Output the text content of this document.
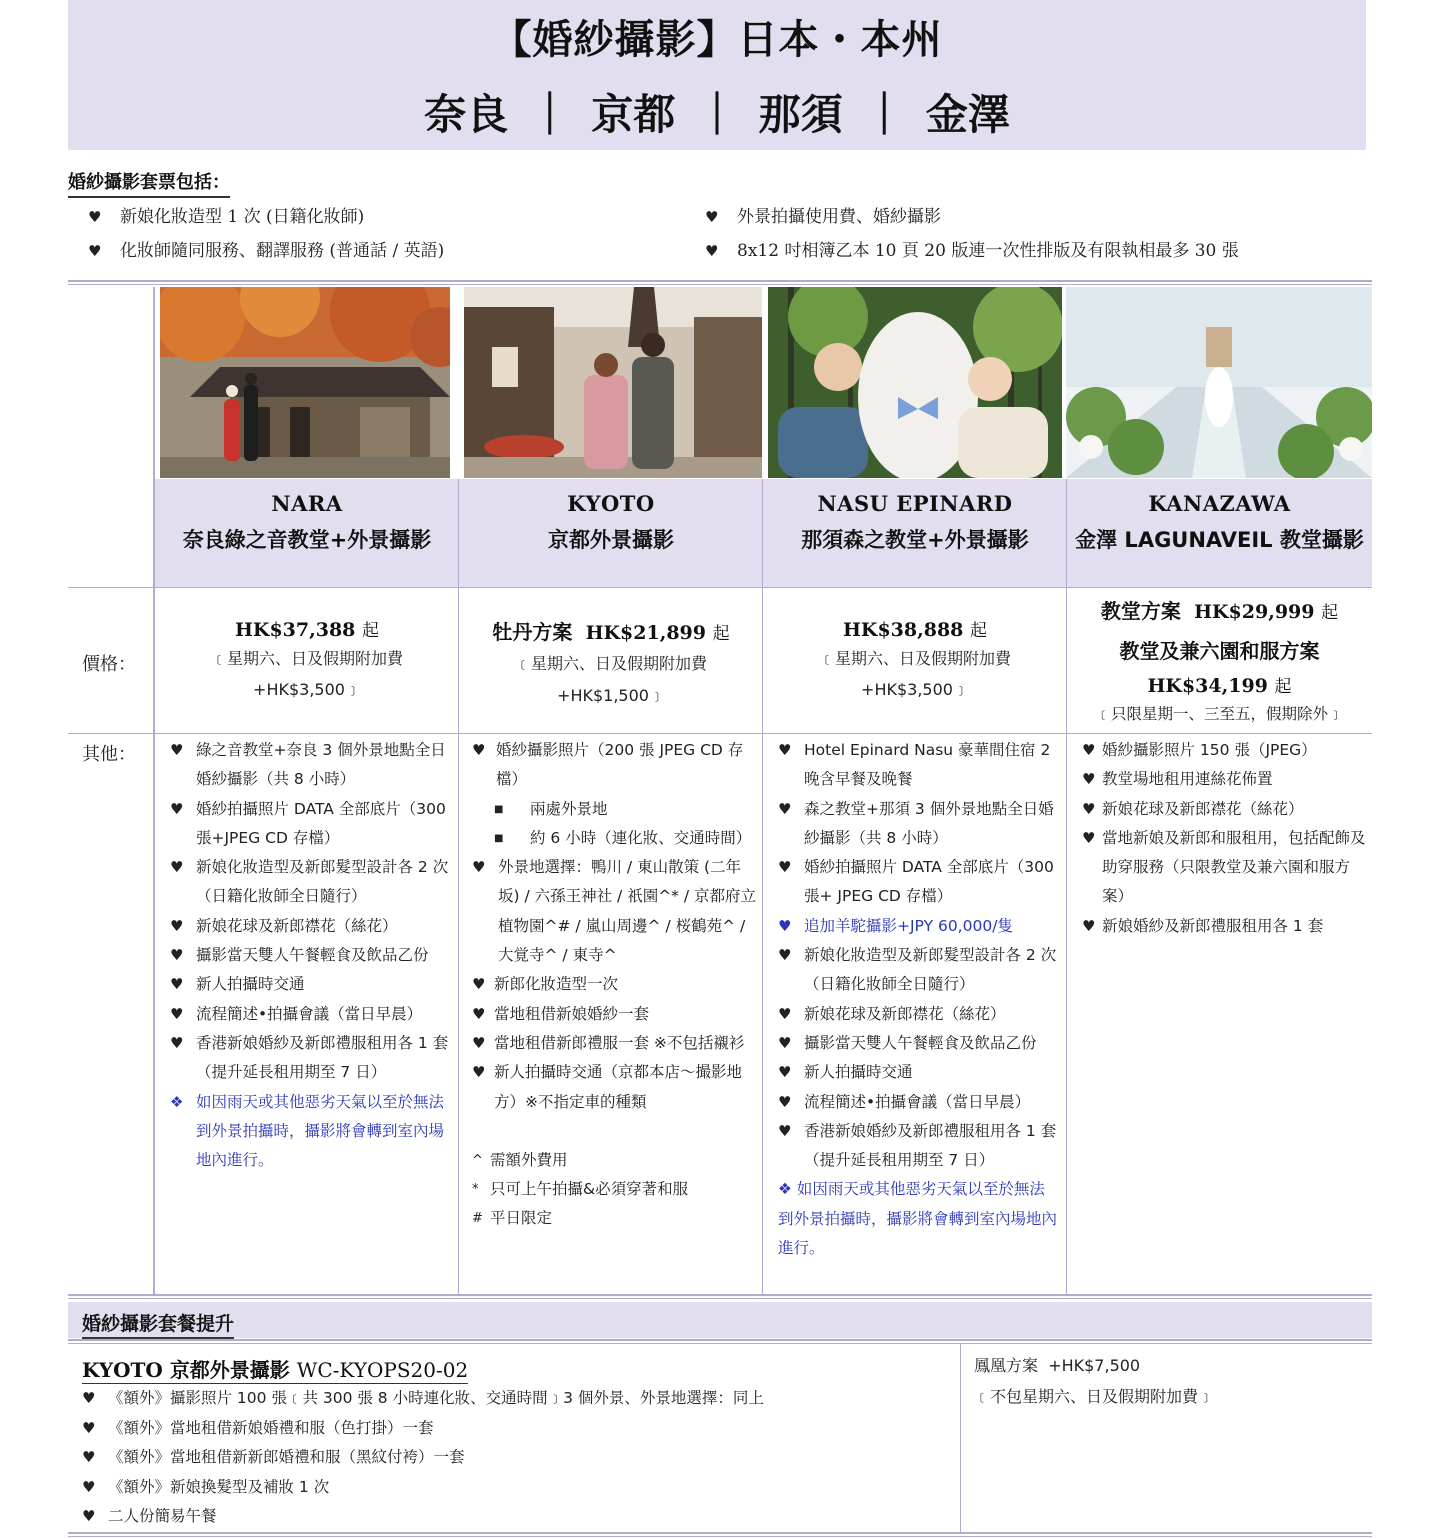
【婚紗攝影】日本・本州
奈良 ｜ 京都 ｜ 那須 ｜ 金澤
婚紗攝影套票包括：
♥ 新娘化妝造型 1 次 (日籍化妝師)
♥ 化妝師隨同服務、翻譯服務 (普通話 / 英語)
♥ 外景拍攝使用費、婚紗攝影
♥ 8x12 吋相簿乙本 10 頁 20 版連一次性排版及有限執相最多 30 張
NARA
奈良綠之音教堂+外景攝影
KYOTO
京都外景攝影
NASU EPINARD
那須森之教堂+外景攝影
KANAZAWA
金澤 LAGUNAVEIL 教堂攝影
價格：
其他：
HK$37,388 起
﹝星期六、日及假期附加費
+HK$3,500﹞
牡丹方案 HK$21,899 起
﹝星期六、日及假期附加費
+HK$1,500﹞
HK$38,888 起
﹝星期六、日及假期附加費
+HK$3,500﹞
教堂方案 HK$29,999 起
教堂及兼六園和服方案
HK$34,199 起
﹝只限星期一、三至五，假期除外﹞
♥ 綠之音教堂+奈良 3 個外景地點全日婚紗攝影（共 8 小時）
♥ 婚紗拍攝照片 DATA 全部底片（300 張+JPEG CD 存檔）
♥ 新娘化妝造型及新郎髮型設計各 2 次（日籍化妝師全日隨行）
♥ 新娘花球及新郎襟花（絲花）
♥ 攝影當天雙人午餐輕食及飲品乙份
♥ 新人拍攝時交通
♥ 流程簡述•拍攝會議（當日早晨）
♥ 香港新娘婚紗及新郎禮服租用各 1 套（提升延長租用期至 7 日）
❖ 如因雨天或其他惡劣天氣以至於無法到外景拍攝時，攝影將會轉到室內場地內進行。
♥ 婚紗攝影照片（200 張 JPEG CD 存檔）
■ 兩處外景地
■ 約 6 小時（連化妝、交通時間）
♥ 外景地選擇：鴨川 / 東山散策 (二年坂) / 六孫王神社 / 祇園^* / 京都府立植物園^# / 嵐山周邊^ / 桜鶴苑^ / 大覚寺^ / 東寺^
♥ 新郎化妝造型一次
♥ 當地租借新娘婚紗一套
♥ 當地租借新郎禮服一套 ※不包括襯衫
♥ 新人拍攝時交通（京都本店～撮影地方）※不指定車的種類
^ 需額外費用
* 只可上午拍攝&必須穿著和服
# 平日限定
♥ Hotel Epinard Nasu 豪華間住宿 2 晚含早餐及晚餐
♥ 森之教堂+那須 3 個外景地點全日婚紗攝影（共 8 小時）
♥ 婚紗拍攝照片 DATA 全部底片（300 張+ JPEG CD 存檔）
♥ 追加羊駝攝影+JPY 60,000/隻
♥ 新娘化妝造型及新郎髮型設計各 2 次（日籍化妝師全日隨行）
♥ 新娘花球及新郎襟花（絲花）
♥ 攝影當天雙人午餐輕食及飲品乙份
♥ 新人拍攝時交通
♥ 流程簡述•拍攝會議（當日早晨）
♥ 香港新娘婚紗及新郎禮服租用各 1 套（提升延長租用期至 7 日）
❖ 如因雨天或其他惡劣天氣以至於無法到外景拍攝時，攝影將會轉到室內場地內進行。
♥ 婚紗攝影照片 150 張（JPEG）
♥ 教堂場地租用連絲花佈置
♥ 新娘花球及新郎襟花（絲花）
♥ 當地新娘及新郎和服租用，包括配飾及助穿服務（只限教堂及兼六園和服方案）
♥ 新娘婚紗及新郎禮服租用各 1 套
婚紗攝影套餐提升
KYOTO 京都外景攝影 WC-KYOPS20-02
♥ 《額外》攝影照片 100 張﹝共 300 張 8 小時連化妝、交通時間﹞3 個外景、外景地選擇：同上
♥ 《額外》當地租借新娘婚禮和服（色打掛）一套
♥ 《額外》當地租借新新郎婚禮和服（黑紋付袴）一套
♥ 《額外》新娘換髮型及補妝 1 次
♥ 二人份簡易午餐
鳳凰方案 +HK$7,500
﹝不包星期六、日及假期附加費﹞
